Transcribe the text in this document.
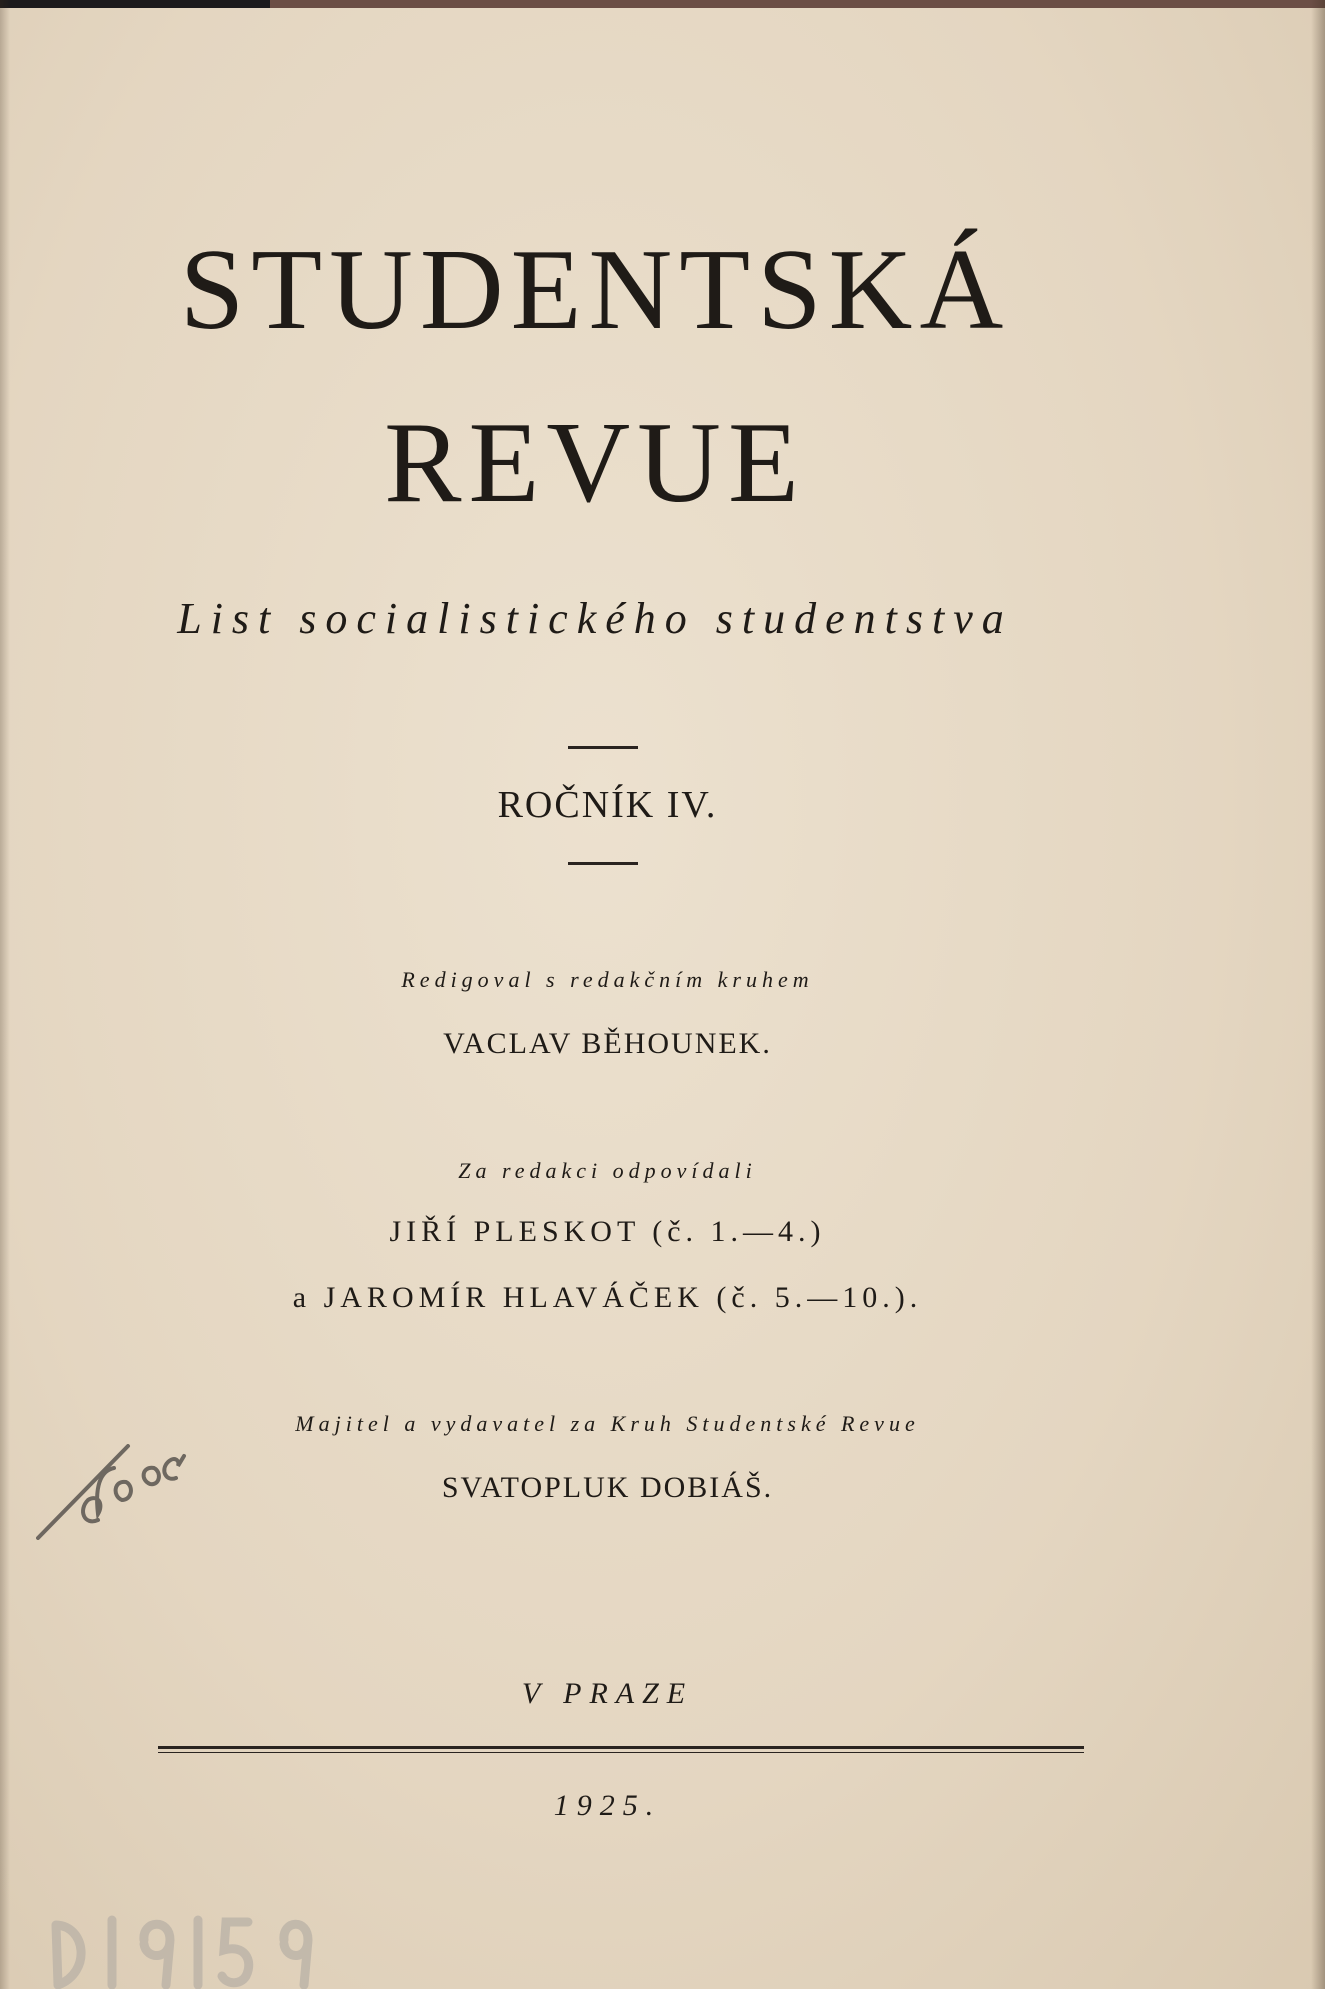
STUDENTSKÁ
REVUE
List socialistického studentstva
ROČNÍK IV.
Redigoval s redakčním kruhem
VACLAV BĚHOUNEK.
Za redakci odpovídali
JIŘÍ PLESKOT (č. 1.—4.)
a JAROMÍR HLAVÁČEK (č. 5.—10.).
Majitel a vydavatel za Kruh Studentské Revue
SVATOPLUK DOBIÁŠ.
V PRAZE
1925.
